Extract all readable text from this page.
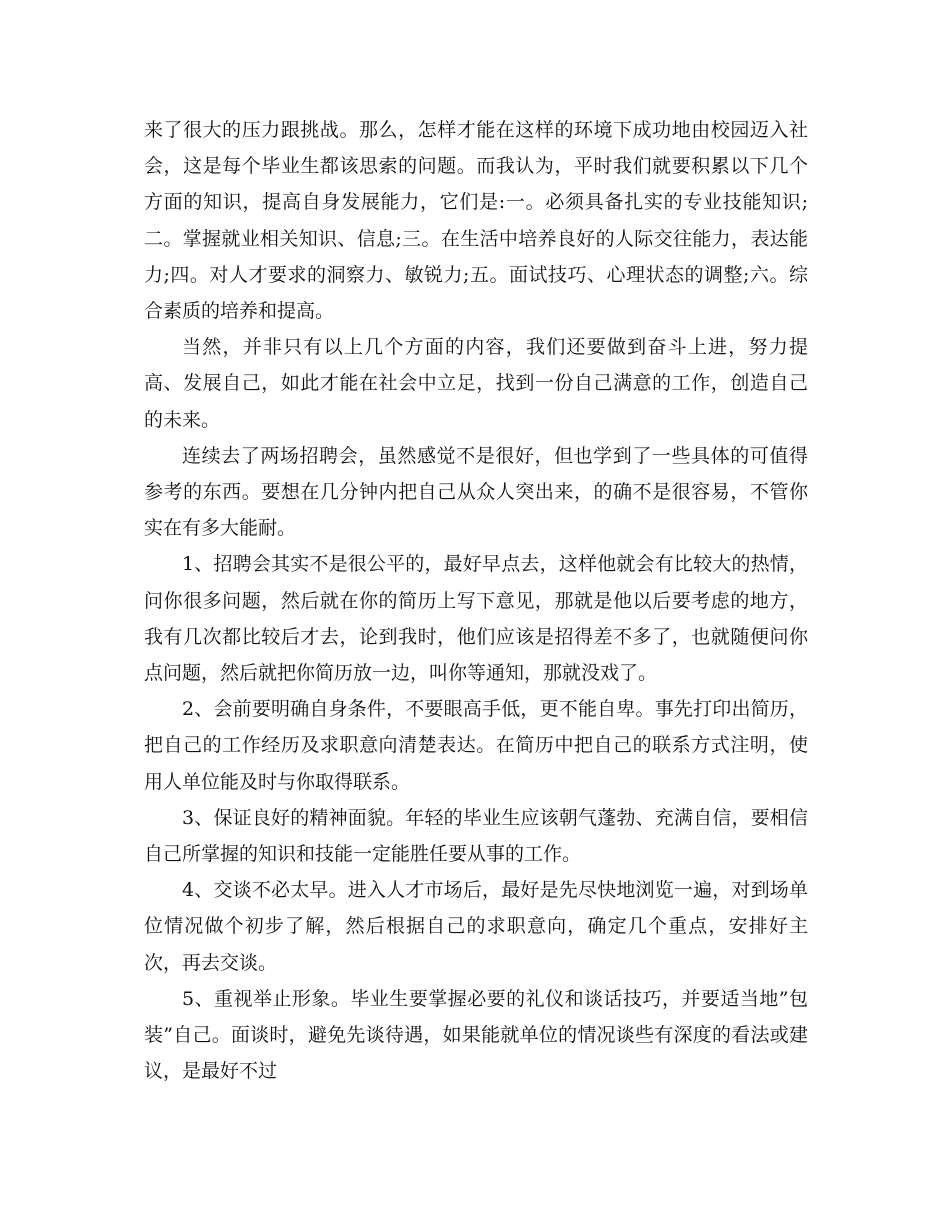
来了很大的压力跟挑战。那么，怎样才能在这样的环境下成功地由校园迈入社会，这是每个毕业生都该思索的问题。而我认为，平时我们就要积累以下几个方面的知识，提高自身发展能力，它们是:一。必须具备扎实的专业技能知识;二。掌握就业相关知识、信息;三。在生活中培养良好的人际交往能力，表达能力;四。对人才要求的洞察力、敏锐力;五。面试技巧、心理状态的调整;六。综合素质的培养和提高。

当然，并非只有以上几个方面的内容，我们还要做到奋斗上进，努力提高、发展自己，如此才能在社会中立足，找到一份自己满意的工作，创造自己的未来。

连续去了两场招聘会，虽然感觉不是很好，但也学到了一些具体的可值得参考的东西。要想在几分钟内把自己从众人突出来，的确不是很容易，不管你实在有多大能耐。

1、招聘会其实不是很公平的，最好早点去，这样他就会有比较大的热情，问你很多问题，然后就在你的简历上写下意见，那就是他以后要考虑的地方，我有几次都比较后才去，论到我时，他们应该是招得差不多了，也就随便问你点问题，然后就把你简历放一边，叫你等通知，那就没戏了。

2、会前要明确自身条件，不要眼高手低，更不能自卑。事先打印出简历，把自己的工作经历及求职意向清楚表达。在简历中把自己的联系方式注明，使用人单位能及时与你取得联系。

3、保证良好的精神面貌。年轻的毕业生应该朝气蓬勃、充满自信，要相信自己所掌握的知识和技能一定能胜任要从事的工作。

4、交谈不必太早。进入人才市场后，最好是先尽快地浏览一遍，对到场单位情况做个初步了解，然后根据自己的求职意向，确定几个重点，安排好主次，再去交谈。

5、重视举止形象。毕业生要掌握必要的礼仪和谈话技巧，并要适当地”包装”自己。面谈时，避免先谈待遇，如果能就单位的情况谈些有深度的看法或建议，是最好不过
